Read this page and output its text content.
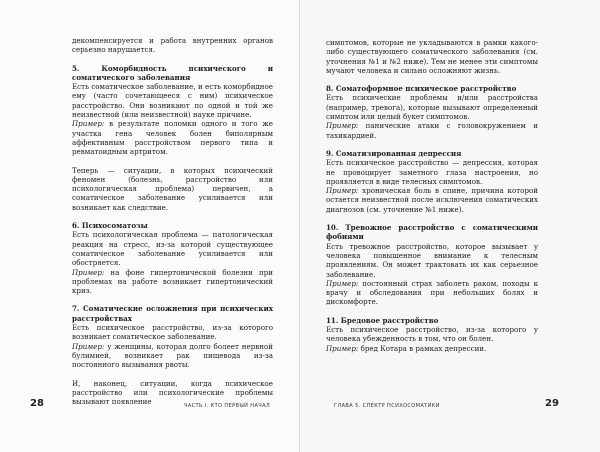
декомпенсируется и работа внутренних органов серьезно нарушается.

5. Коморбидность психического и соматического заболевания

Есть соматическое заболевание, и есть коморбидное ему (часто сочетающееся с ним) психическое расстройство. Они возникают по одной и той же неизвестной (или неизвестной) науке причине.

Пример: в результате поломки одного и того же участка гена человек болен биполярным аффективным расстройством первого типа и ревматоидным артритом.

Теперь — ситуации, в которых психический феномен (болезнь, расстройство или психологическая проблема) первичен, а соматическое заболевание усиливается или возникает как следствие.

6. Психосоматозы

Есть психологическая проблема — патологическая реакция на стресс, из-за которой существующее соматическое заболевание усиливается или обостряется.

Пример: на фоне гипертонической болезни при проблемах на работе возникает гипертонический криз.

7. Соматические осложнения при психических расстройствах

Есть психическое расстройство, из-за которого возникает соматическое заболевание.

Пример: у женщины, которая долго болеет нервной булимией, возникает рак пищевода из-за постоянного вызывания рвоты.

И, наконец, ситуации, когда психическое расстройство или психологические проблемы вызывают появление

28	ЧАСТЬ I. КТО ПЕРВЫЙ НАЧАЛ

симптомов, которые не укладываются в рамки какого-либо существующего соматического заболевания (см. уточнения №1 и №2 ниже). Тем не менее эти симптомы мучают человека и сильно осложняют жизнь.

8. Соматоформное психическое расстройство

Есть психические проблемы и/или расстройства (например, тревога), которые вызывают определенный симптом или целый букет симптомов.

Пример: панические атаки с головокружением и тахикардией.

9. Соматизированная депрессия

Есть психическое расстройство — депрессия, которая не провоцирует заметного глаза настроения, но проявляется в виде телесных симптомов.

Пример: хроническая боль в спине, причина которой остается неизвестной после исключения соматических диагнозов (см. уточнение №1 ниже).

10. Тревожное расстройство с соматическими фобиями

Есть тревожное расстройство, которое вызывает у человека повышенное внимание к телесным проявлениям. Он может трактовать их как серьезное заболевание.

Пример: постоянный страх заболеть раком, походы к врачу и обследования при небольших болях и дискомфорте.

11. Бредовое расстройство

Есть психическое расстройство, из-за которого у человека убежденность в том, что он болен.

Пример: бред Котара в рамках депрессии.

ГЛАВА 5. СПЕКТР ПСИХОСОМАТИКИ	29
